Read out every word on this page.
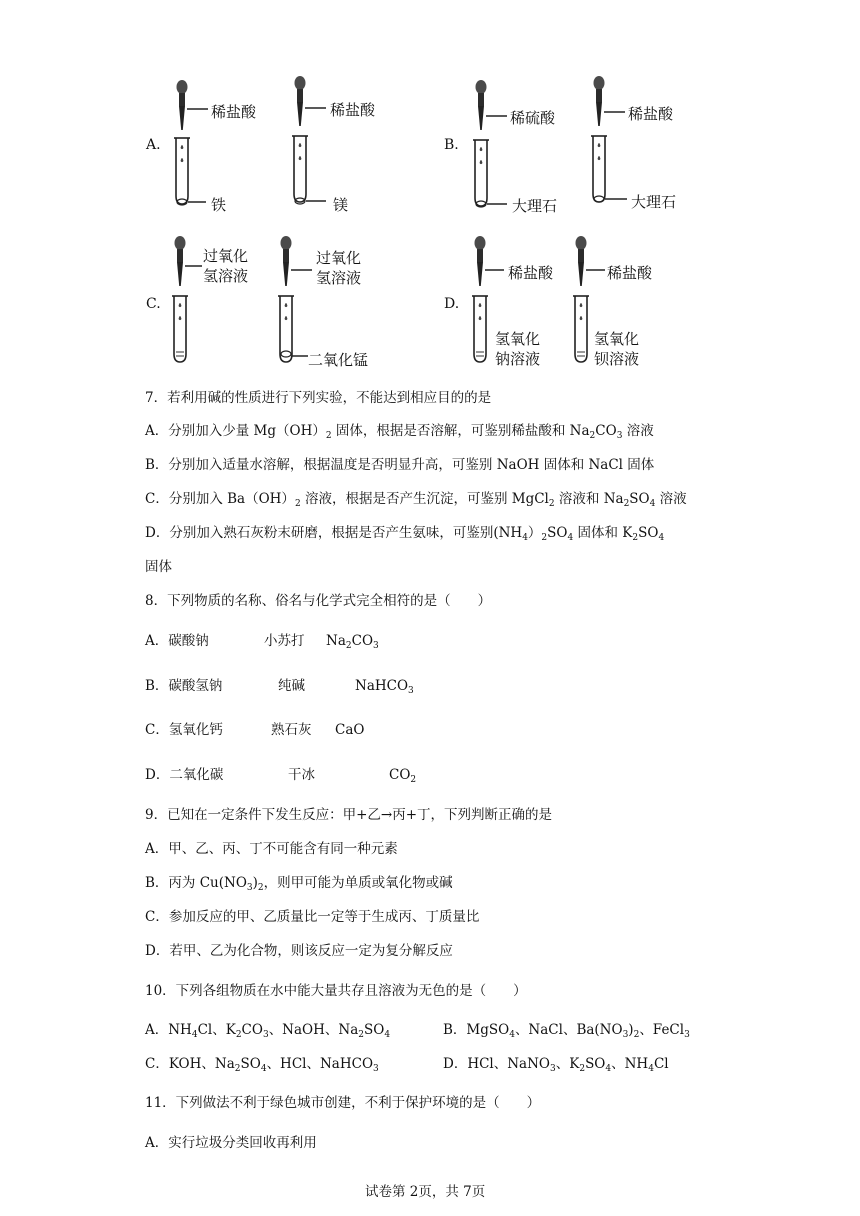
A.
稀盐酸
铁
稀盐酸
镁
B.
稀硫酸
大理石
稀盐酸
大理石
C.
过氧化
氢溶液
过氧化
氢溶液
二氧化锰
D.
稀盐酸
氢氧化
钠溶液
稀盐酸
氢氧化
钡溶液
7．若利用碱的性质进行下列实验，不能达到相应目的的是
A．分别加入少量 $Mg(OH)_2$ 固体，根据是否溶解，可鉴别稀盐酸和 $Na_2CO_3$ 溶液
B．分别加入适量水溶解，根据温度是否明显升高，可鉴别 NaOH 固体和 NaCl 固体
C．分别加入 $Ba(OH)_2$ 溶液，根据是否产生沉淀，可鉴别 MgCl$_2$ 溶液和 $Na_2SO_4$ 溶液
D．分别加入熟石灰粉末研磨，根据是否产生氨味，可鉴别$(NH_4)_2SO_4$ 固体和 $K_2SO_4$
固体
8．下列物质的名称、俗名与化学式完全相符的是（　　）
A．碳酸钠	小苏打 $Na_2CO_3$
B．碳酸氢钠	纯碱	NaHCO$_3$
C．氢氧化钙	熟石灰 CaO
D．二氧化碳	干冰	$CO_2$
9．已知在一定条件下发生反应：甲+乙→丙+丁，下列判断正确的是
A．甲、乙、丙、丁不可能含有同一种元素
B．丙为 $Cu(NO_3)_2$，则甲可能为单质或氧化物或碱
C．参加反应的甲、乙质量比一定等于生成丙、丁质量比
D．若甲、乙为化合物，则该反应一定为复分解反应
10．下列各组物质在水中能大量共存且溶液为无色的是（　　）
A．$NH_4Cl$、$K_2CO_3$、NaOH、$Na_2SO_4$	B．MgSO$_4$、NaCl、$Ba(NO_3)_2$、FeCl$_3$
C．KOH、$Na_2SO_4$、HCl、NaHCO$_3$	D．HCl、NaNO$_3$、$K_2SO_4$、$NH_4Cl$
11．下列做法不利于绿色城市创建，不利于保护环境的是（　　）
A．实行垃圾分类回收再利用
试卷第 2页，共 7页
